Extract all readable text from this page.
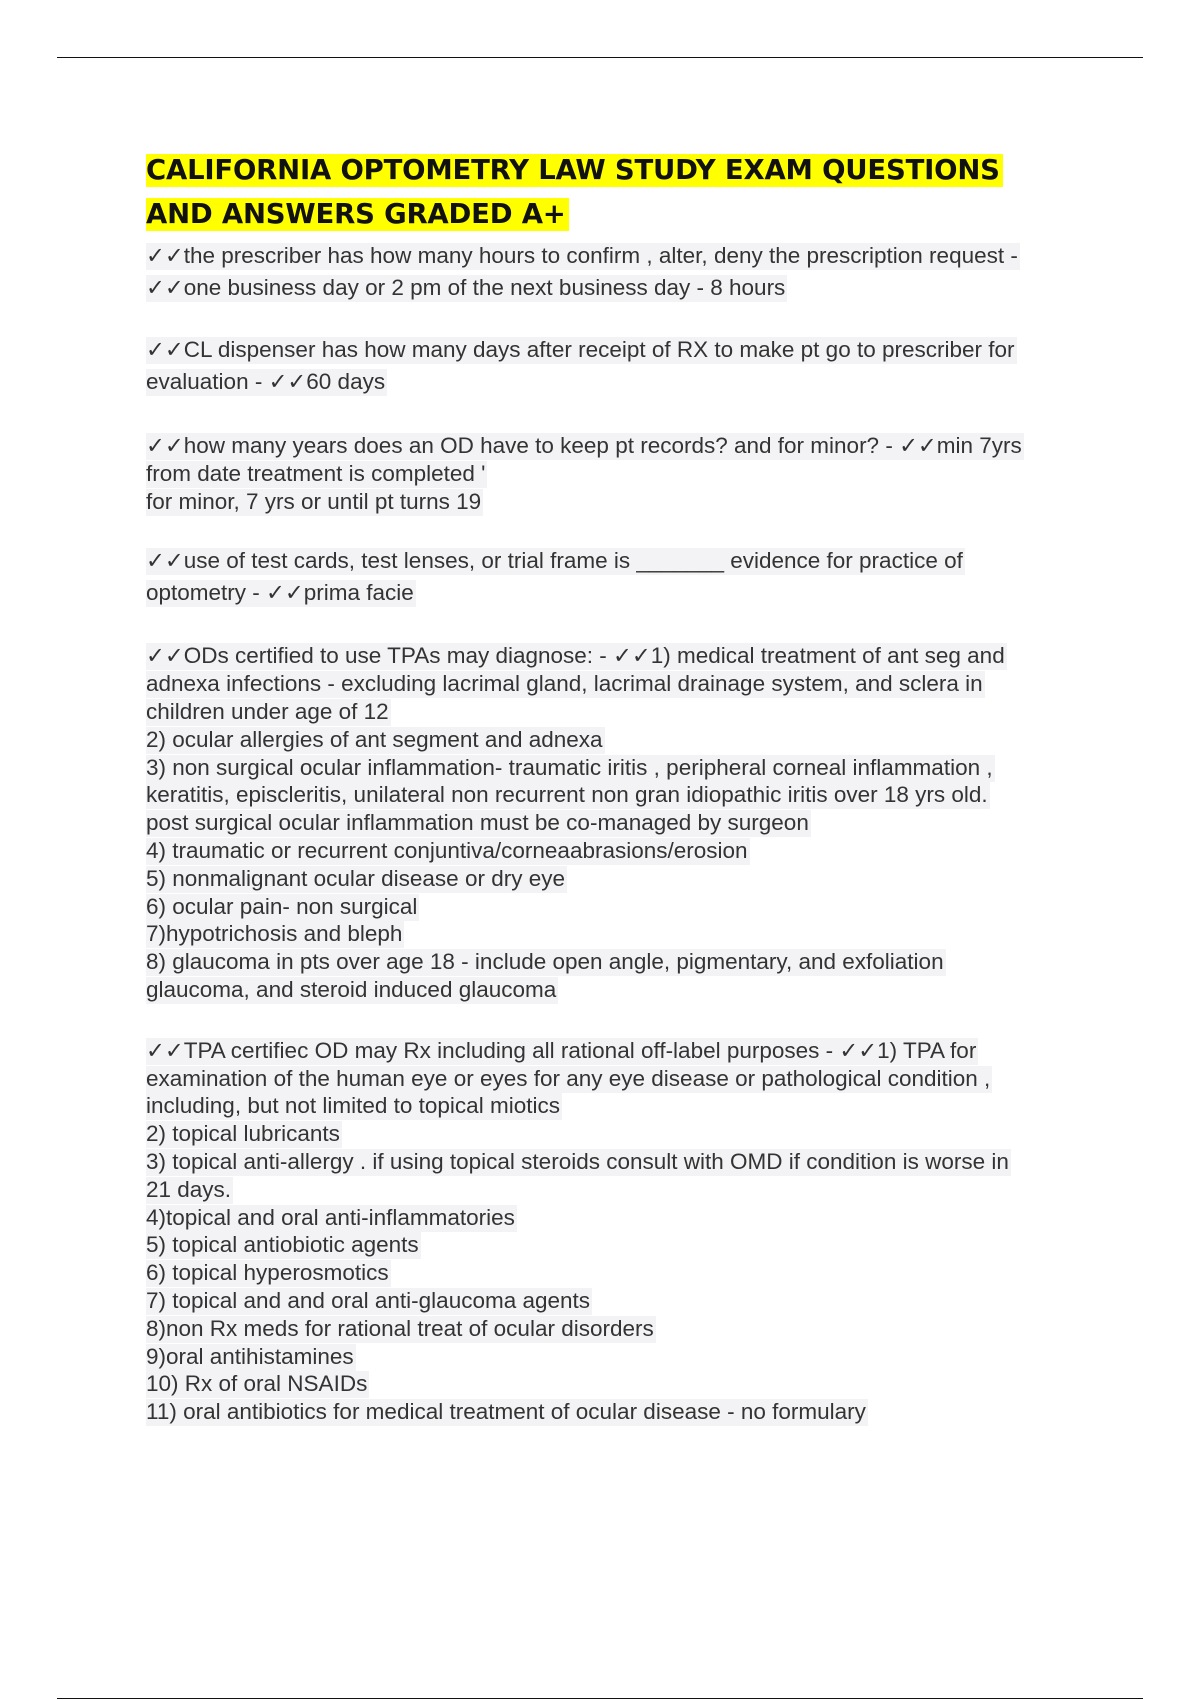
CALIFORNIA OPTOMETRY LAW STUDY EXAM QUESTIONS
AND ANSWERS GRADED A+
✓✓the prescriber has how many hours to confirm , alter, deny the prescription request -
✓✓one business day or 2 pm of the next business day - 8 hours
✓✓CL dispenser has how many days after receipt of RX to make pt go to prescriber for
evaluation - ✓✓60 days
✓✓how many years does an OD have to keep pt records? and for minor? - ✓✓min 7yrs
from date treatment is completed '
for minor, 7 yrs or until pt turns 19
✓✓use of test cards, test lenses, or trial frame is _______ evidence for practice of
optometry - ✓✓prima facie
✓✓ODs certified to use TPAs may diagnose: - ✓✓1) medical treatment of ant seg and
adnexa infections - excluding lacrimal gland, lacrimal drainage system, and sclera in
children under age of 12
2) ocular allergies of ant segment and adnexa
3) non surgical ocular inflammation- traumatic iritis , peripheral corneal inflammation ,
keratitis, episcleritis, unilateral non recurrent non gran idiopathic iritis over 18 yrs old.
post surgical ocular inflammation must be co-managed by surgeon
4) traumatic or recurrent conjuntiva/corneaabrasions/erosion
5) nonmalignant ocular disease or dry eye
6) ocular pain- non surgical
7)hypotrichosis and bleph
8) glaucoma in pts over age 18 - include open angle, pigmentary, and exfoliation
glaucoma, and steroid induced glaucoma
✓✓TPA certifiec OD may Rx including all rational off-label purposes - ✓✓1) TPA for
examination of the human eye or eyes for any eye disease or pathological condition ,
including, but not limited to topical miotics
2) topical lubricants
3) topical anti-allergy . if using topical steroids consult with OMD if condition is worse in
21 days.
4)topical and oral anti-inflammatories
5) topical antiobiotic agents
6) topical hyperosmotics
7) topical and and oral anti-glaucoma agents
8)non Rx meds for rational treat of ocular disorders
9)oral antihistamines
10) Rx of oral NSAIDs
11) oral antibiotics for medical treatment of ocular disease - no formulary
